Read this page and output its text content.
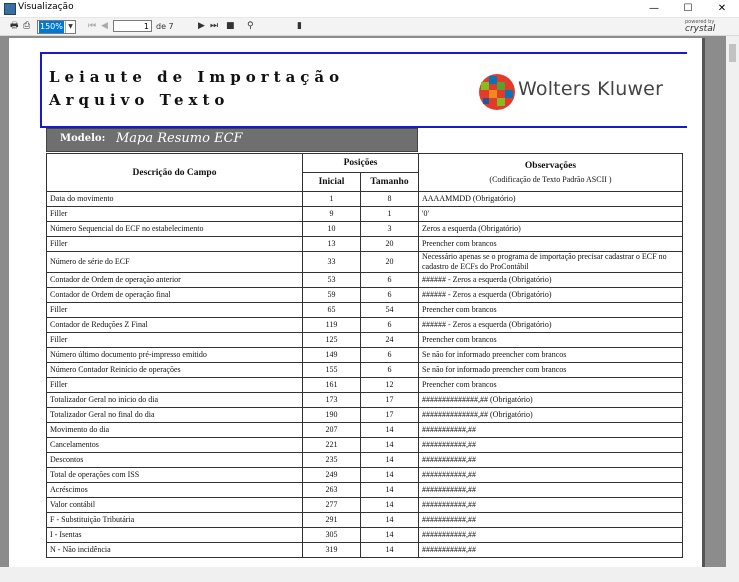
Visualização	—	☐	✕
🖶 ⎙ 150% ▼ ⏮ ◀	1 de 7	▶ ⏭ ■ ⚲	▮	powered by
crystal
Leiaute de Importação
Arquivo Texto	Wolters Kluwer
Modelo: Mapa Resumo ECF
Descrição do Campo	Posições		Observações
(Codificação de Texto Padrão ASCII )

	Inicial	Tamanho	
Data do movimento	1	8	AAAAMMDD (Obrigatório)
Filler	9	1	'0'
Número Sequencial do ECF no estabelecimento	10	3	Zeros a esquerda (Obrigatório)
Filler	13	20	Preencher com brancos
Número de série do ECF	33	20	Necessário apenas se o programa de importação precisar cadastrar o ECF no cadastro de ECFs do ProContábil
Contador de Ordem de operação anterior	53	6	###### - Zeros a esquerda (Obrigatório)
Contador de Ordem de operação final	59	6	###### - Zeros a esquerda (Obrigatório)
Filler	65	54	Preencher com brancos
Contador de Reduções Z Final	119	6	###### - Zeros a esquerda (Obrigatório)
Filler	125	24	Preencher com brancos
Número último documento pré-impresso emitido	149	6	Se não for informado preencher com brancos
Número Contador Reinício de operações	155	6	Se não for informado preencher com brancos
Filler	161	12	Preencher com brancos
Totalizador Geral no início do dia	173	17	##############,## (Obrigatório)
Totalizador Geral no final do dia	190	17	##############,## (Obrigatório)
Movimento do dia	207	14	###########,##
Cancelamentos	221	14	###########,##
Descontos	235	14	###########,##
Total de operações com ISS	249	14	###########,##
Acréscimos	263	14	###########,##
Valor contábil	277	14	###########,##
F - Substituição Tributária	291	14	###########,##
I - Isentas	305	14	###########,##
N - Não incidência	319	14	###########,##
